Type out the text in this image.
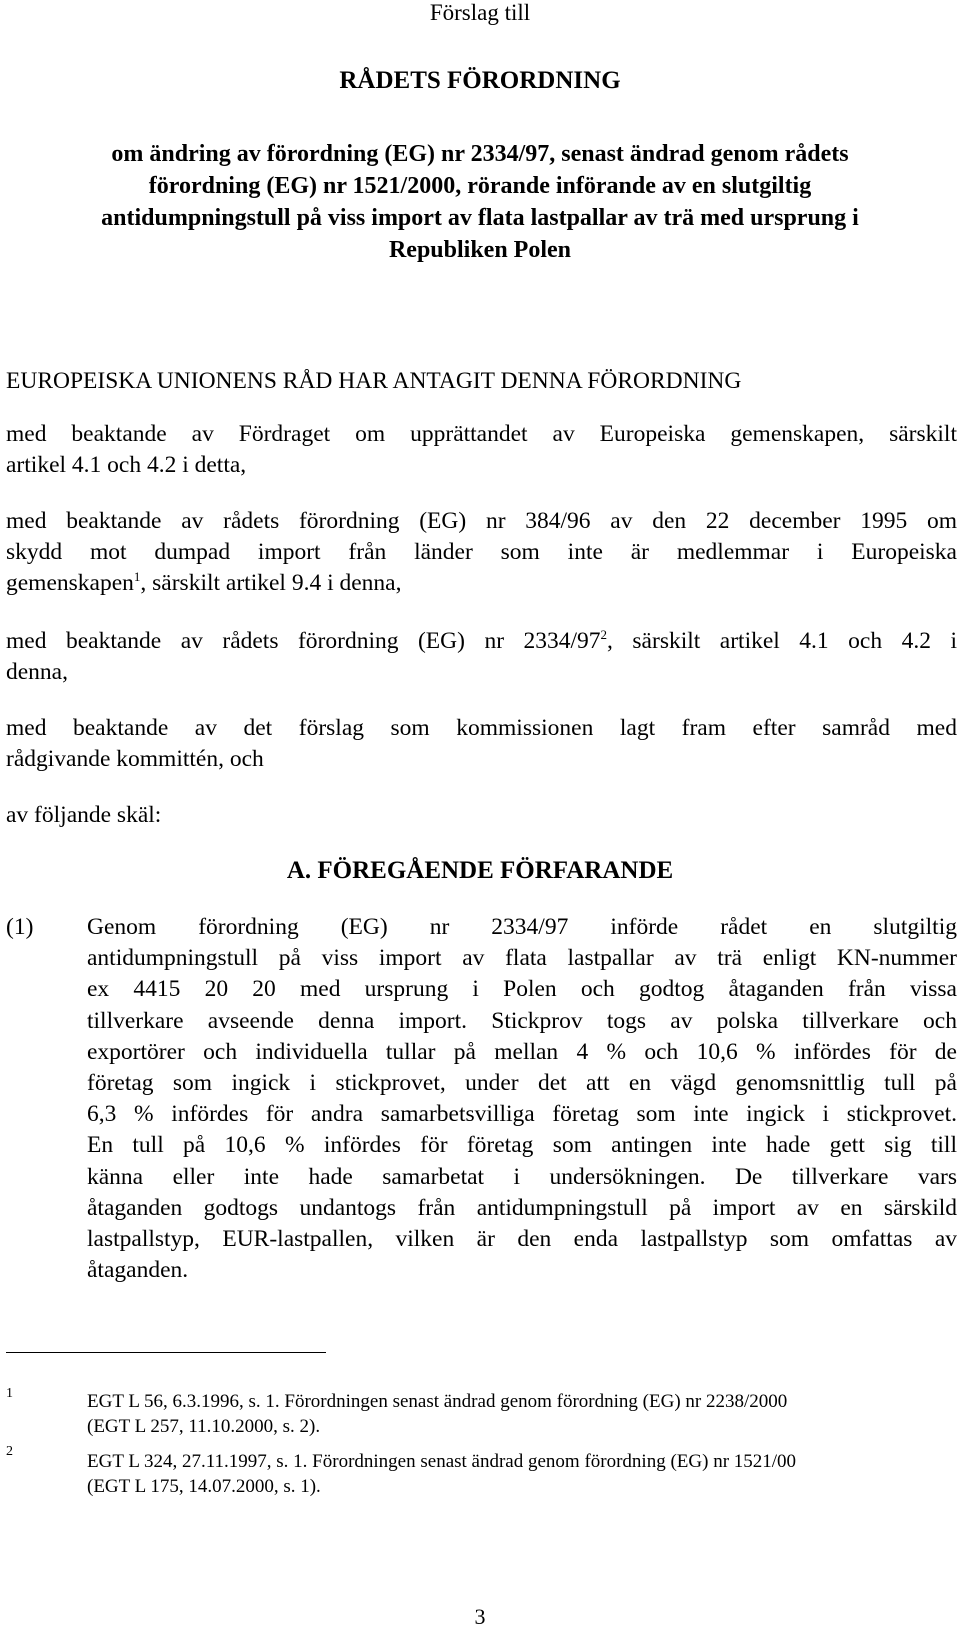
Förslag till
RÅDETS FÖRORDNING
om ändring av förordning (EG) nr 2334/97, senast ändrad genom rådets
förordning (EG) nr 1521/2000, rörande införande av en slutgiltig
antidumpningstull på viss import av flata lastpallar av trä med ursprung i
Republiken Polen
EUROPEISKA UNIONENS RÅD HAR ANTAGIT DENNA FÖRORDNING
med beaktande av Fördraget om upprättandet av Europeiska gemenskapen, särskilt
artikel 4.1 och 4.2 i detta,
med beaktande av rådets förordning (EG) nr 384/96 av den 22 december 1995 om
skydd mot dumpad import från länder som inte är medlemmar i Europeiska
gemenskapen$^1$, särskilt artikel 9.4 i denna,
med beaktande av rådets förordning (EG) nr $2334/97^2$, särskilt artikel 4.1 och 4.2 i
denna,
med beaktande av det förslag som kommissionen lagt fram efter samråd med
rådgivande kommittén, och
av följande skäl:
A. FÖREGÅENDE FÖRFARANDE
(1) Genom förordning (EG) nr 2334/97 införde rådet en slutgiltig
antidumpningstull på viss import av flata lastpallar av trä enligt KN-nummer
ex 4415 20 20 med ursprung i Polen och godtog åtaganden från vissa
tillverkare avseende denna import. Stickprov togs av polska tillverkare och
exportörer och individuella tullar på mellan 4 % och 10,6 % infördes för de
företag som ingick i stickprovet, under det att en vägd genomsnittlig tull på
6,3 % infördes för andra samarbetsvilliga företag som inte ingick i stickprovet.
En tull på 10,6 % infördes för företag som antingen inte hade gett sig till
känna eller inte hade samarbetat i undersökningen. De tillverkare vars
åtaganden godtogs undantogs från antidumpningstull på import av en särskild
lastpallstyp, EUR-lastpallen, vilken är den enda lastpallstyp som omfattas av
åtaganden.
1	EGT L 56, 6.3.1996, s. 1. Förordningen senast ändrad genom förordning (EG) nr 2238/2000
(EGT L 257, 11.10.2000, s. 2).
2	EGT L 324, 27.11.1997, s. 1. Förordningen senast ändrad genom förordning (EG) nr 1521/00
(EGT L 175, 14.07.2000, s. 1).
3
